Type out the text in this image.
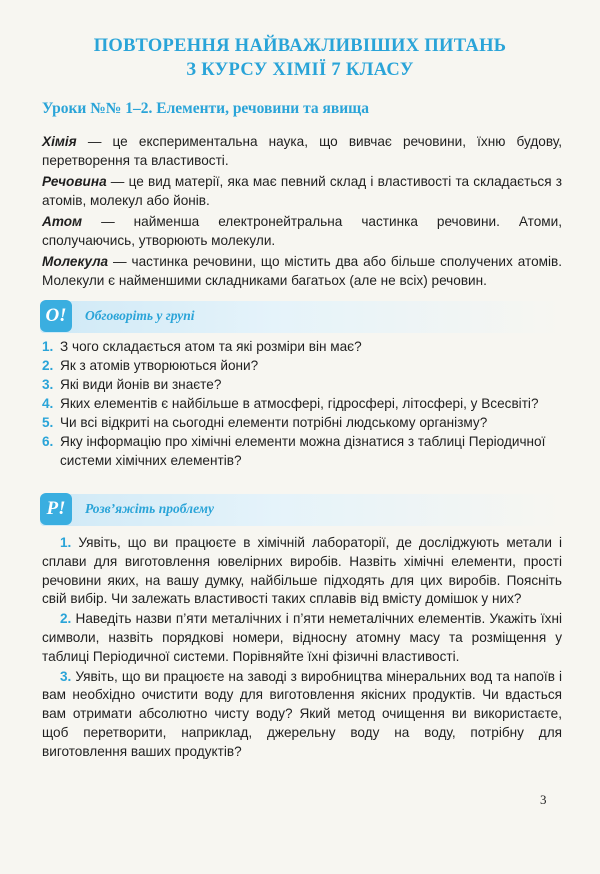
ПОВТОРЕННЯ НАЙВАЖЛИВІШИХ ПИТАНЬ
З КУРСУ ХІМІЇ 7 КЛАСУ
Уроки №№ 1–2. Елементи, речовини та явища

Хімія — це експериментальна наука, що вивчає речовини, їхню будову, перетворення та властивості.

Речовина — це вид матерії, яка має певний склад і властивості та складається з атомів, молекул або йонів.

Атом — найменша електронейтральна частинка речовини. Атоми, сполучаючись, утворюють молекули.

Молекула — частинка речовини, що містить два або більше сполучених атомів. Молекули є найменшими складниками багатьох (але не всіх) речовин.

О!	Обговоріть у групі
1. З чого складається атом та які розміри він має?
2. Як з атомів утворюються йони?
3. Які види йонів ви знаєте?
4. Яких елементів є найбільше в атмосфері, гідросфері, літосфері, у Всесвіті?
5. Чи всі відкриті на сьогодні елементи потрібні людському організму?
6. Яку інформацію про хімічні елементи можна дізнатися з таблиці Періодичної системи хімічних елементів?
Р!	Розв’яжіть проблему

1. Уявіть, що ви працюєте в хімічній лабораторії, де досліджують метали і сплави для виготовлення ювелірних виробів. Назвіть хімічні елементи, прості речовини яких, на вашу думку, найбільше підходять для цих виробів. Поясніть свій вибір. Чи залежать властивості таких сплавів від вмісту домішок у них?

2. Наведіть назви п’яти металічних і п’яти неметалічних елементів. Укажіть їхні символи, назвіть порядкові номери, відносну атомну масу та розміщення у таблиці Періодичної системи. Порівняйте їхні фізичні властивості.

3. Уявіть, що ви працюєте на заводі з виробництва мінеральних вод та напоїв і вам необхідно очистити воду для виготовлення якісних продуктів. Чи вдасться вам отримати абсолютно чисту воду? Який метод очищення ви використаєте, щоб перетворити, наприклад, джерельну воду на воду, потрібну для виготовлення ваших продуктів?

3
